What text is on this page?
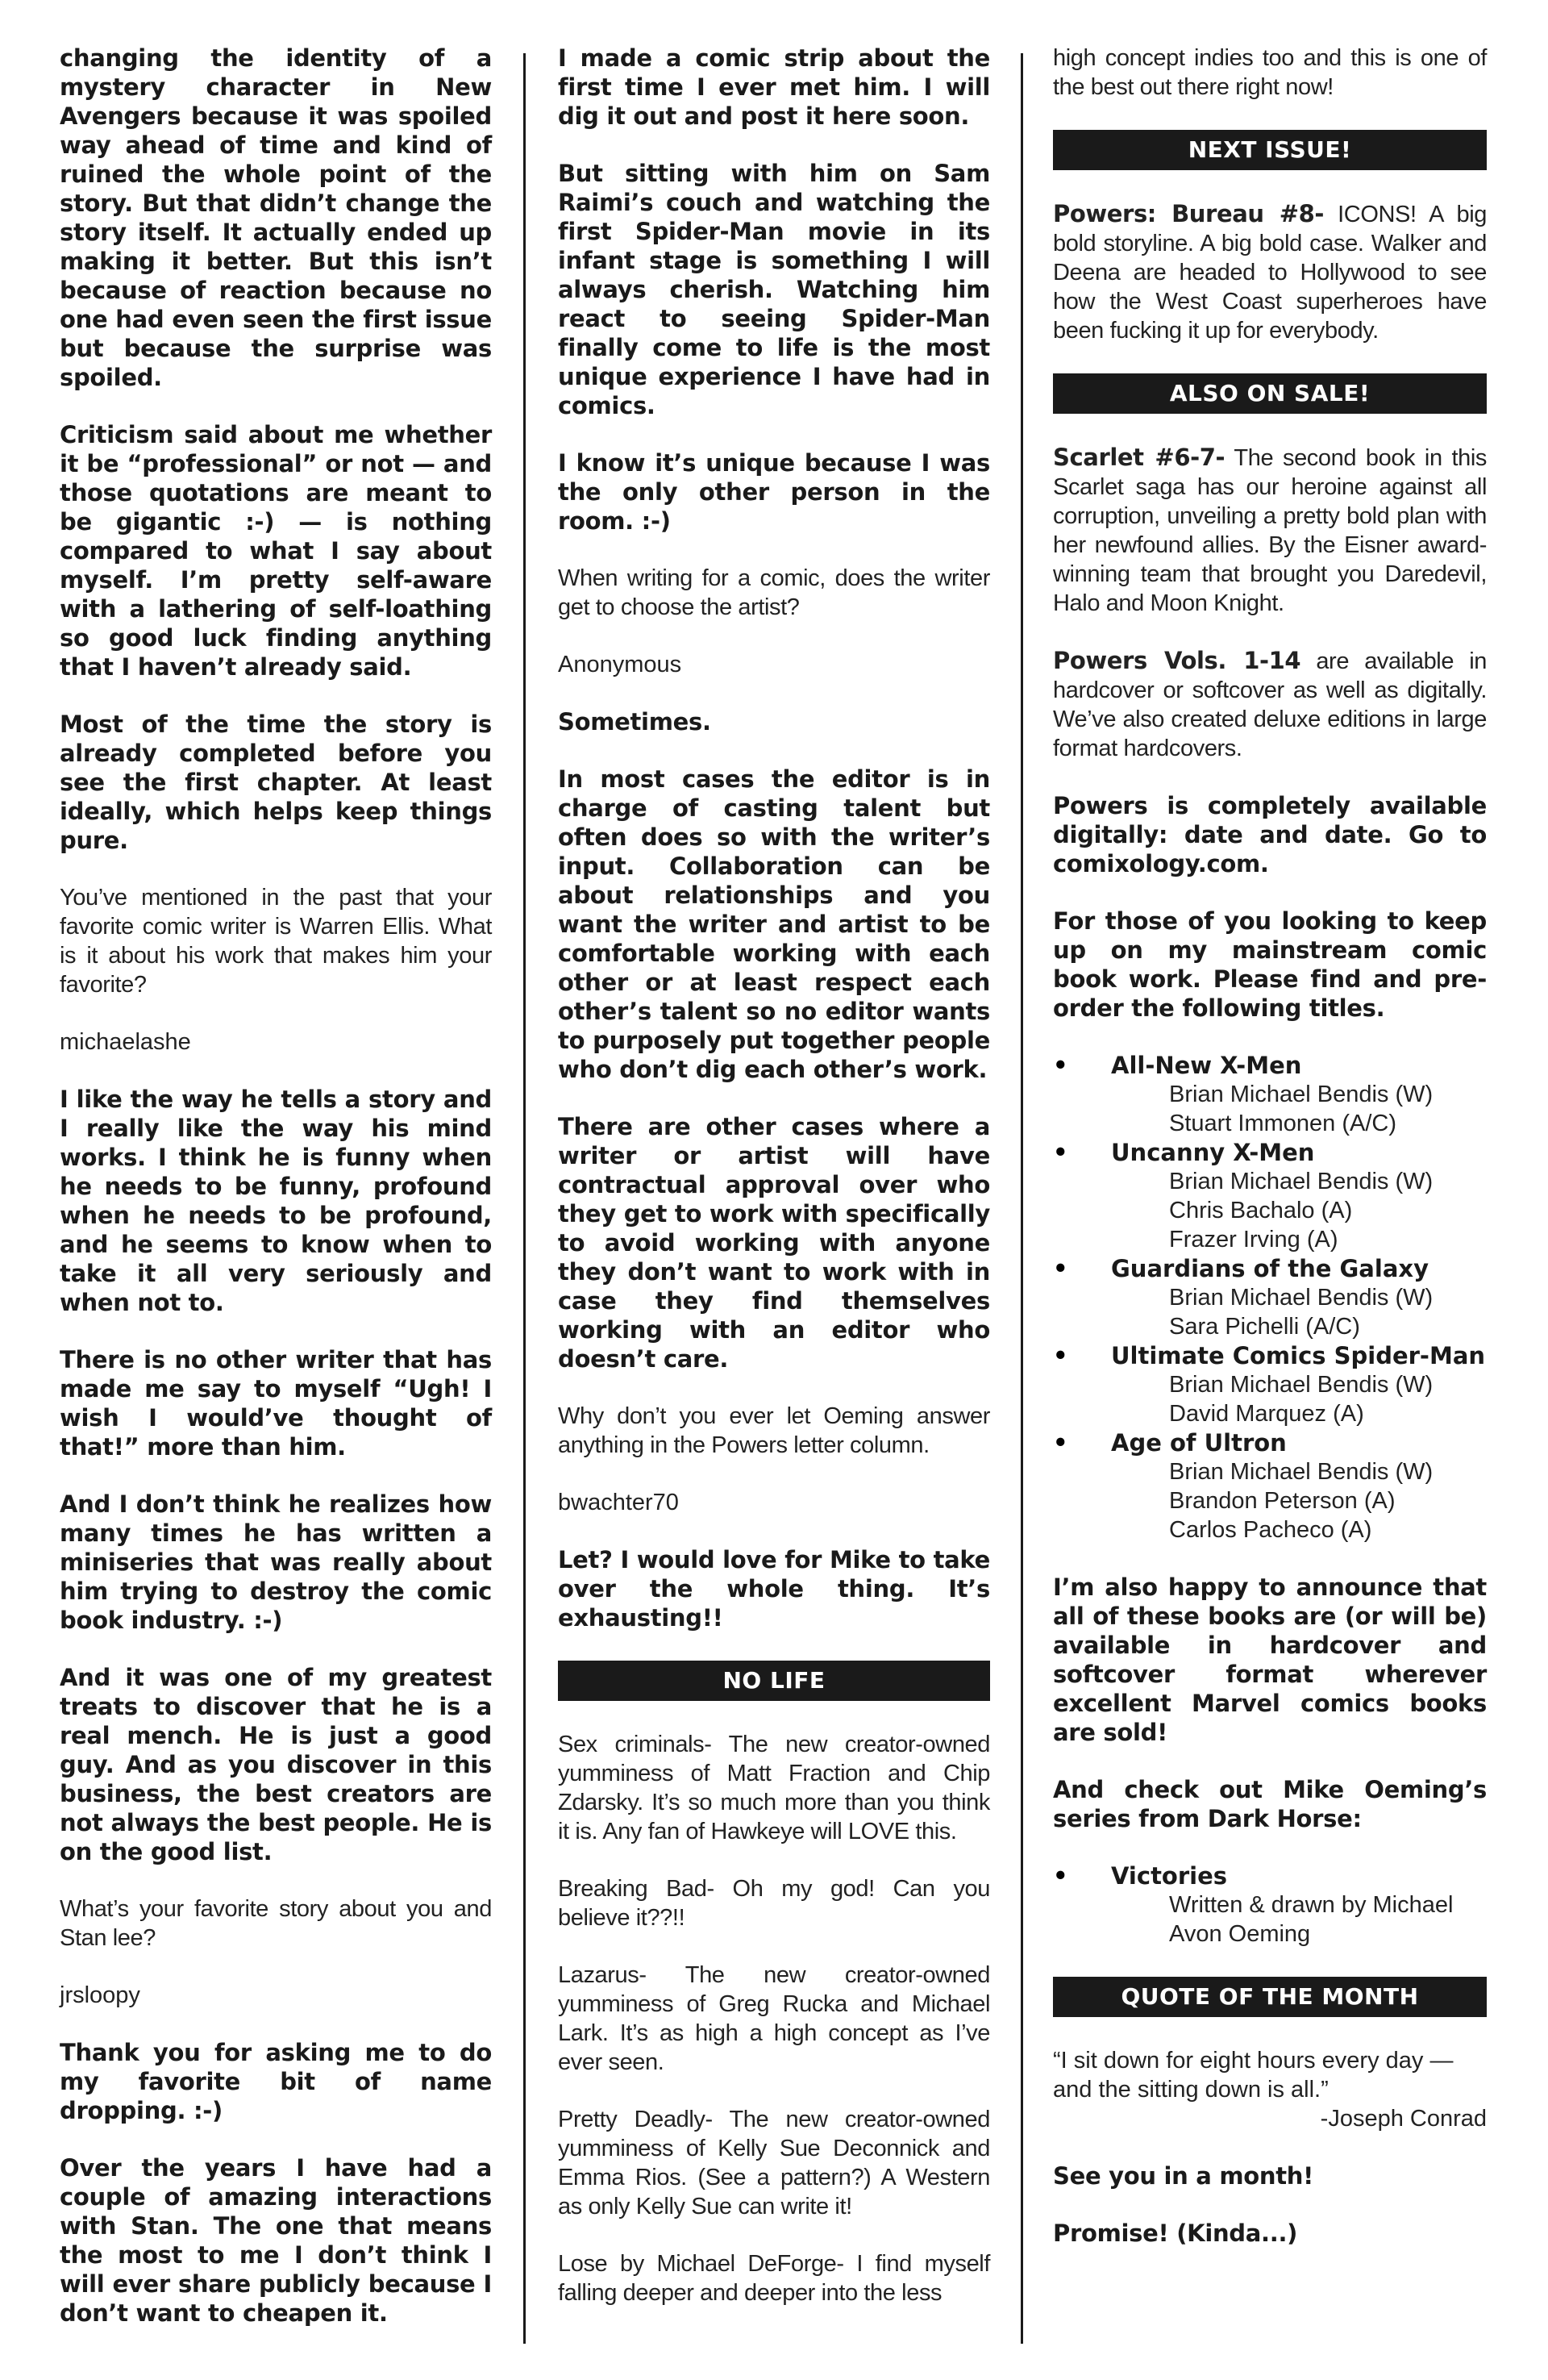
changing the identity of a mystery character in New Avengers because it was spoiled way ahead of time and kind of ruined the whole point of the story. But that didn’t change the story itself. It actually ended up making it better. But this isn’t because of reaction because no one had even seen the first issue but because the surprise was spoiled.

Criticism said about me whether it be “professional” or not — and those quotations are meant to be gigantic :-) — is nothing compared to what I say about myself. I’m pretty self-aware with a lathering of self-loathing so good luck finding anything that I haven’t already said.

Most of the time the story is already completed before you see the first chapter. At least ideally, which helps keep things pure.

You’ve mentioned in the past that your favorite comic writer is Warren Ellis. What is it about his work that makes him your favorite?

michaelashe

I like the way he tells a story and I really like the way his mind works. I think he is funny when he needs to be funny, profound when he needs to be profound, and he seems to know when to take it all very seriously and when not to.

There is no other writer that has made me say to myself “Ugh! I wish I would’ve thought of that!” more than him.

And I don’t think he realizes how many times he has written a miniseries that was really about him trying to destroy the comic book industry. :-)

And it was one of my greatest treats to discover that he is a real mench. He is just a good guy. And as you discover in this business, the best creators are not always the best people. He is on the good list.

What’s your favorite story about you and Stan lee?

jrsloopy

Thank you for asking me to do my favorite bit of name dropping. :-)

Over the years I have had a couple of amazing interactions with Stan. The one that means the most to me I don’t think I will ever share publicly because I don’t want to cheapen it.

I made a comic strip about the first time I ever met him. I will dig it out and post it here soon.

But sitting with him on Sam Raimi’s couch and watching the first Spider-Man movie in its infant stage is something I will always cherish. Watching him react to seeing Spider-Man finally come to life is the most unique experience I have had in comics.

I know it’s unique because I was the only other person in the room. :-)

When writing for a comic, does the writer get to choose the artist?

Anonymous

Sometimes.

In most cases the editor is in charge of casting talent but often does so with the writer’s input. Collaboration can be about relationships and you want the writer and artist to be comfortable working with each other or at least respect each other’s talent so no editor wants to purposely put together people who don’t dig each other’s work.

There are other cases where a writer or artist will have contractual approval over who they get to work with specifically to avoid working with anyone they don’t want to work with in case they find themselves working with an editor who doesn’t care.

Why don’t you ever let Oeming answer anything in the Powers letter column.

bwachter70

Let? I would love for Mike to take over the whole thing. It’s exhausting!!

NO LIFE

Sex criminals- The new creator-owned yumminess of Matt Fraction and Chip Zdarsky. It’s so much more than you think it is. Any fan of Hawkeye will LOVE this.

Breaking Bad- Oh my god! Can you believe it??!!

Lazarus- The new creator-owned yumminess of Greg Rucka and Michael Lark. It’s as high a high concept as I’ve ever seen.

Pretty Deadly- The new creator-owned yumminess of Kelly Sue Deconnick and Emma Rios. (See a pattern?) A Western as only Kelly Sue can write it!

Lose by Michael DeForge- I find myself falling deeper and deeper into the less

high concept indies too and this is one of the best out there right now!

NEXT ISSUE!

Powers: Bureau #8- ICONS! A big bold storyline. A big bold case. Walker and Deena are headed to Hollywood to see how the West Coast superheroes have been fucking it up for everybody.

ALSO ON SALE!

Scarlet #6-7- The second book in this Scarlet saga has our heroine against all corruption, unveiling a pretty bold plan with her newfound allies. By the Eisner award-winning team that brought you Daredevil, Halo and Moon Knight.

Powers Vols. 1-14 are available in hardcover or softcover as well as digitally. We’ve also created deluxe editions in large format hardcovers.

Powers is completely available digitally: date and date. Go to comixology.com.

For those of you looking to keep up on my mainstream comic book work. Please find and pre-order the following titles.

• All-New X-Men
Brian Michael Bendis (W)
Stuart Immonen (A/C)
• Uncanny X-Men
Brian Michael Bendis (W)
Chris Bachalo (A)
Frazer Irving (A)
• Guardians of the Galaxy
Brian Michael Bendis (W)
Sara Pichelli (A/C)
• Ultimate Comics Spider-Man
Brian Michael Bendis (W)
David Marquez (A)
• Age of Ultron
Brian Michael Bendis (W)
Brandon Peterson (A)
Carlos Pacheco (A)

I’m also happy to announce that all of these books are (or will be) available in hardcover and softcover format wherever excellent Marvel comics books are sold!

And check out Mike Oeming’s series from Dark Horse:

• Victories
Written & drawn by Michael Avon Oeming
QUOTE OF THE MONTH

“I sit down for eight hours every day — and the sitting down is all.”

-Joseph Conrad

See you in a month!

Promise! (Kinda...)
